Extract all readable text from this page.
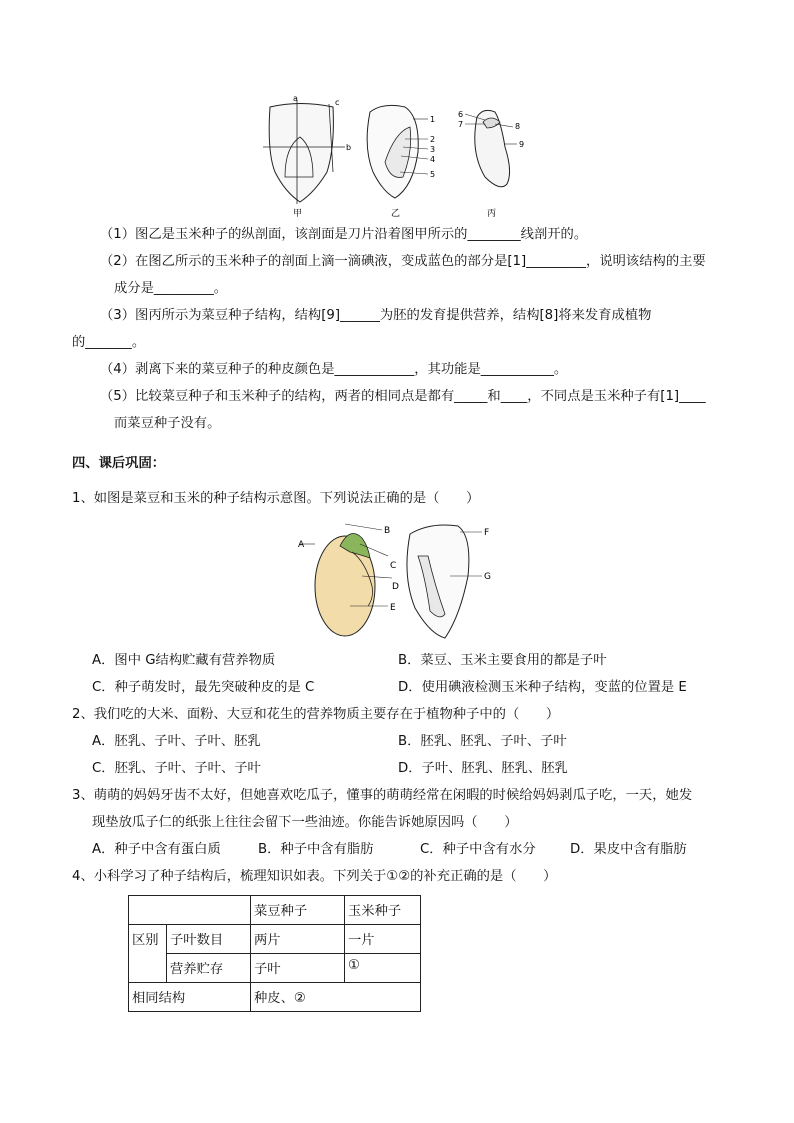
a	c
b
甲
1
2
3
4
5
乙
6
7	8
9
丙
（1）图乙是玉米种子的纵剖面，该剖面是刀片沿着图甲所示的________线剖开的。
（2）在图乙所示的玉米种子的剖面上滴一滴碘液，变成蓝色的部分是[1]_________，说明该结构的主要
成分是_________。
（3）图丙所示为菜豆种子结构，结构[9]______为胚的发育提供营养，结构[8]将来发育成植物
的_______。
（4）剥离下来的菜豆种子的种皮颜色是____________，其功能是___________。
（5）比较菜豆种子和玉米种子的结构，两者的相同点是都有_____和____，不同点是玉米种子有[1]____
而菜豆种子没有。
四、课后巩固：
1、如图是菜豆和玉米的种子结构示意图。下列说法正确的是（　　）
A
B
C
D
E
F
G
A．图中 G结构贮藏有营养物质	B．菜豆、玉米主要食用的都是子叶
C．种子萌发时，最先突破种皮的是 C	D．使用碘液检测玉米种子结构，变蓝的位置是 E
2、我们吃的大米、面粉、大豆和花生的营养物质主要存在于植物种子中的（　　）
A．胚乳、子叶、子叶、胚乳	B．胚乳、胚乳、子叶、子叶
C．胚乳、子叶、子叶、子叶	D．子叶、胚乳、胚乳、胚乳
3、萌萌的妈妈牙齿不太好，但她喜欢吃瓜子，懂事的萌萌经常在闲暇的时候给妈妈剥瓜子吃，一天，她发
现垫放瓜子仁的纸张上往往会留下一些油迹。你能告诉她原因吗（　　）
A．种子中含有蛋白质	B．种子中含有脂肪	C．种子中含有水分	D．果皮中含有脂肪
4、小科学习了种子结构后，梳理知识如表。下列关于①②的补充正确的是（　　）
		菜豆种子	玉米种子
区别	子叶数目	两片	一片
	营养贮存	子叶	①
相同结构		种皮、②	
